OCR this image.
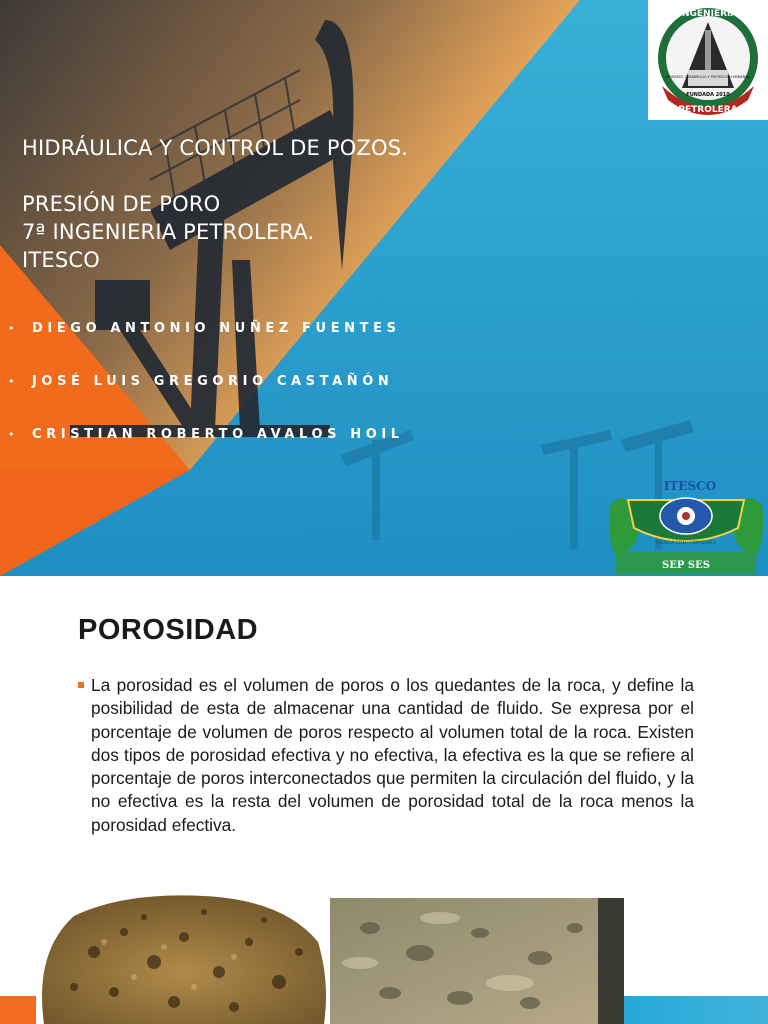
INGENIERIA
PETROLERA
PROGRESO, DESARROLLO Y PROTECCIÓN AMBIENTAL
FUNDADA 2010
HIDRÁULICA Y CONTROL DE POZOS.
PRESIÓN DE PORO
7ª INGENIERIA PETROLERA.
ITESCO
•	DIEGO ANTONIO NUÑEZ FUENTES
•	JOSÉ LUIS GREGORIO CASTAÑÓN
•	CRISTIAN ROBERTO AVALOS HOIL
ITESCO
CIENCIA CON HUMANISMO
SEP SES
POROSIDAD

La porosidad es el volumen de poros o los quedantes de la roca, y define la posibilidad de esta de almacenar una cantidad de fluido. Se expresa por el porcentaje de volumen de poros respecto al volumen total de la roca. Existen dos tipos de porosidad efectiva y no efectiva, la efectiva es la que se refiere al porcentaje de poros interconectados que permiten la circulación del fluido, y la no efectiva es la resta del volumen de porosidad total de la roca menos la porosidad efectiva.
